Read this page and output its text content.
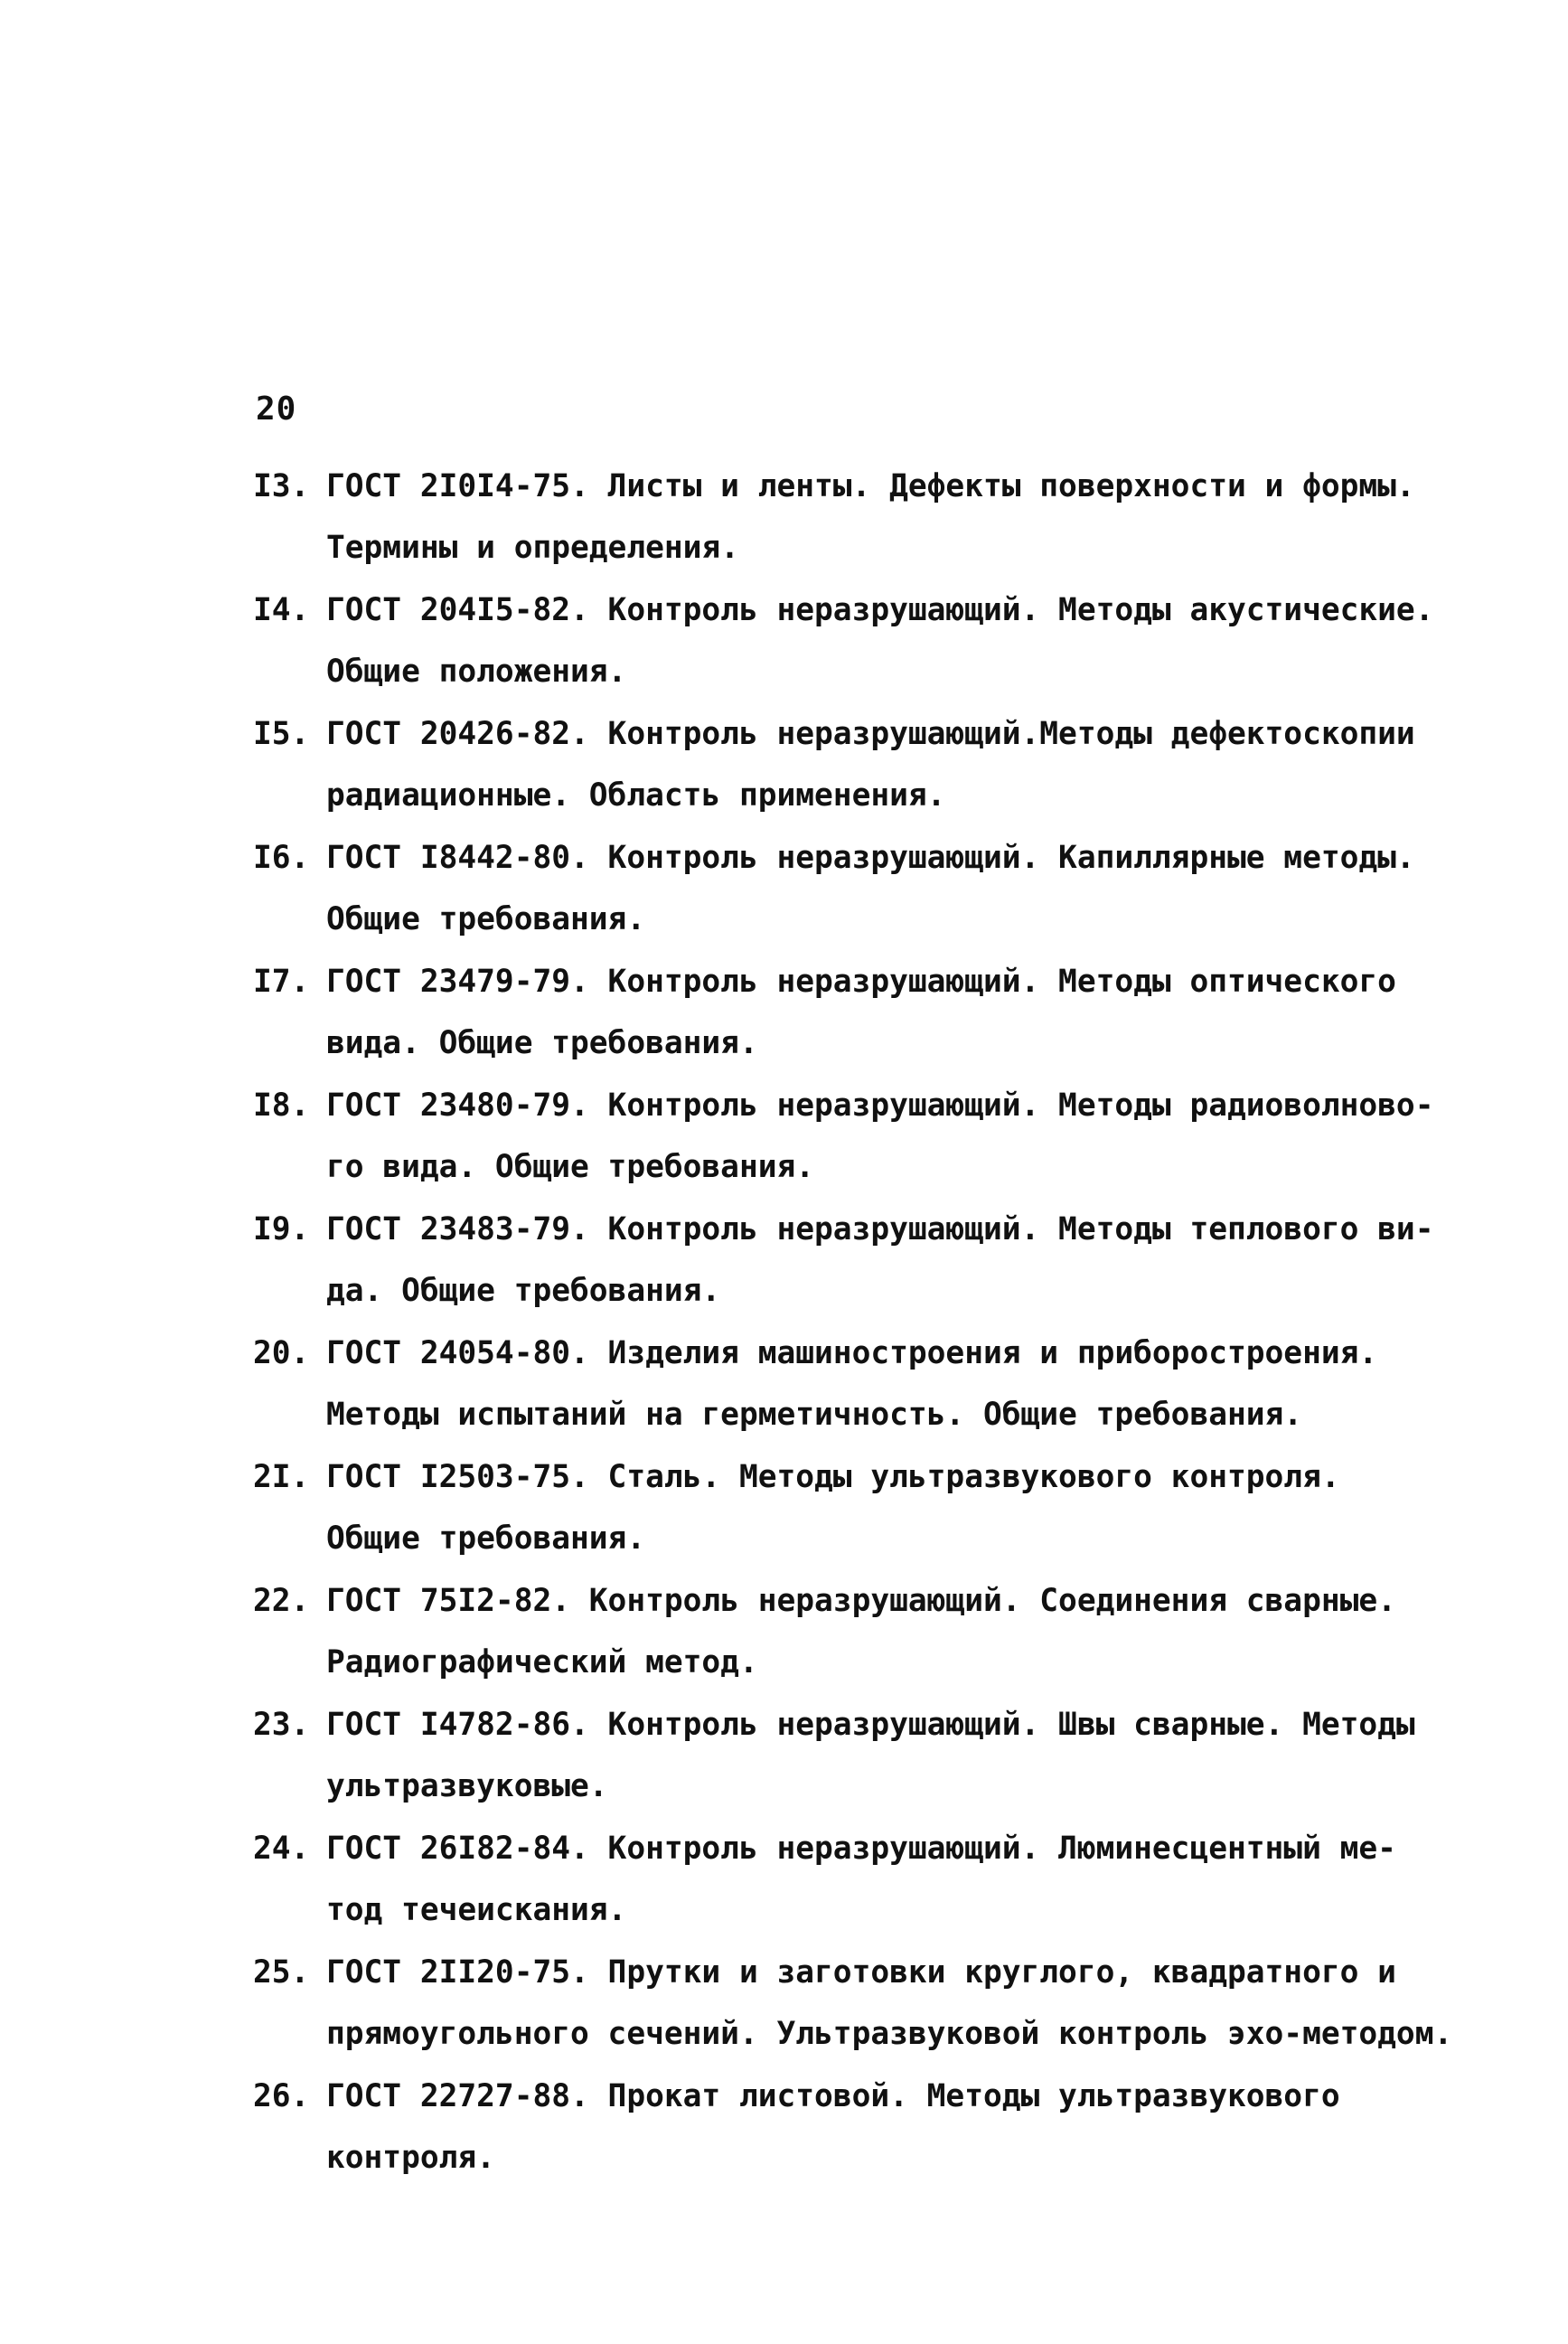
20
I3. ГОСТ 2I0I4-75. Листы и ленты. Дефекты поверхности и формы.
Термины и определения.
I4. ГОСТ 204I5-82. Контроль неразрушающий. Методы акустические.
Общие положения.
I5. ГОСТ 20426-82. Контроль неразрушающий.Методы дефектоскопии
радиационные. Область применения.
I6. ГОСТ I8442-80. Контроль неразрушающий. Капиллярные методы.
Общие требования.
I7. ГОСТ 23479-79. Контроль неразрушающий. Методы оптического
вида. Общие требования.
I8. ГОСТ 23480-79. Контроль неразрушающий. Методы радиоволново-
го вида. Общие требования.
I9. ГОСТ 23483-79. Контроль неразрушающий. Методы теплового ви-
да. Общие требования.
20. ГОСТ 24054-80. Изделия машиностроения и приборостроения.
Методы испытаний на герметичность. Общие требования.
2I. ГОСТ I2503-75. Сталь. Методы ультразвукового контроля.
Общие требования.
22. ГОСТ 75I2-82. Контроль неразрушающий. Соединения сварные.
Радиографический метод.
23. ГОСТ I4782-86. Контроль неразрушающий. Швы сварные. Методы
ультразвуковые.
24. ГОСТ 26I82-84. Контроль неразрушающий. Люминесцентный ме-
тод течеискания.
25. ГОСТ 2II20-75. Прутки и заготовки круглого, квадратного и
прямоугольного сечений. Ультразвуковой контроль эхо-методом.
26. ГОСТ 22727-88. Прокат листовой. Методы ультразвукового
контроля.
